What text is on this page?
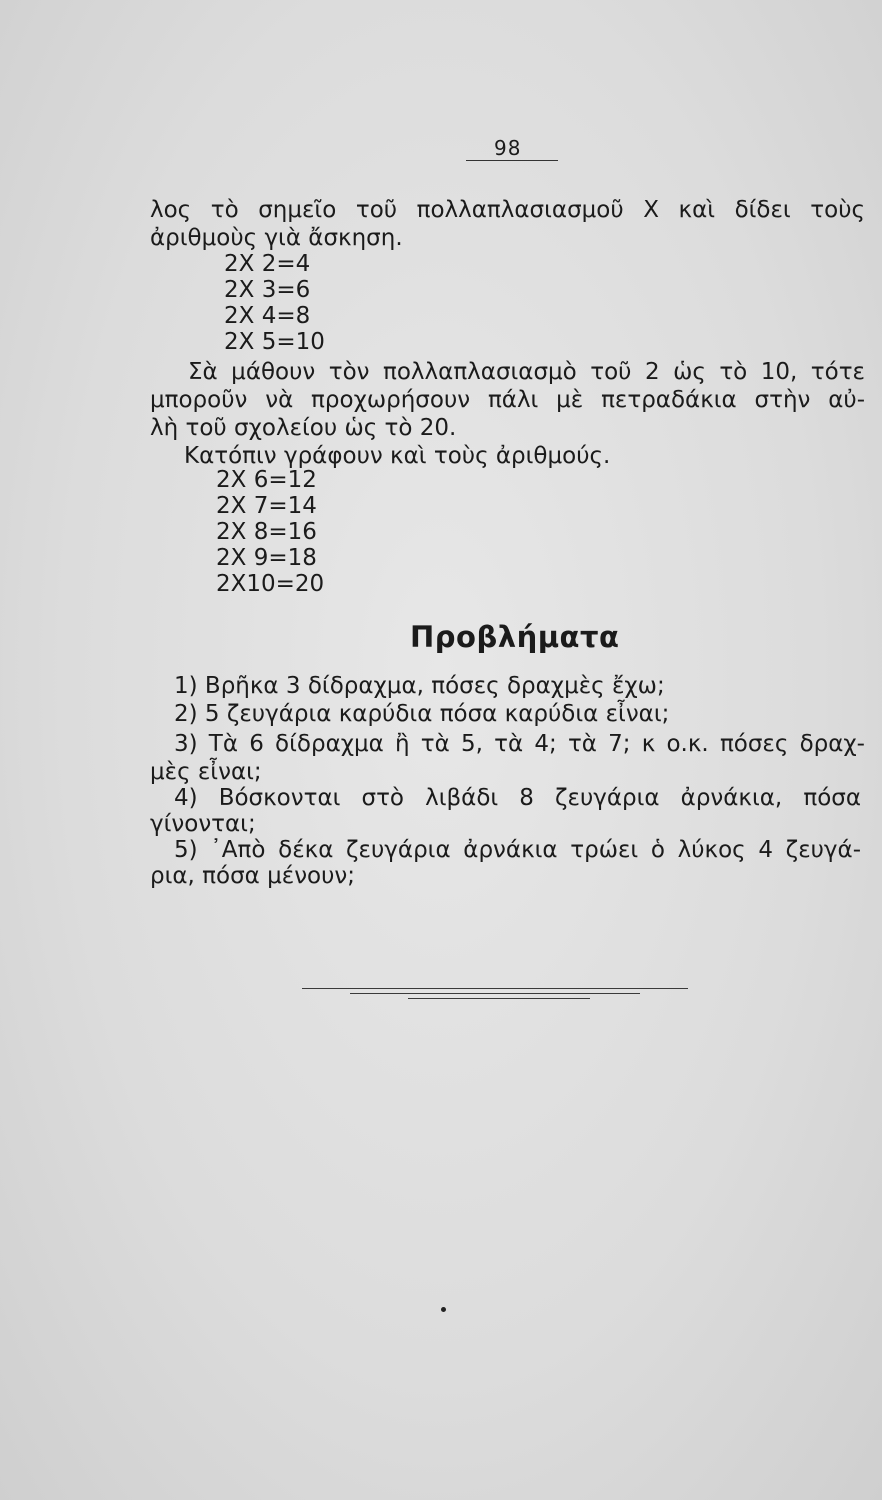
98
λος τὸ σημεῖο τοῦ πολλαπλασιασμοῦ X καὶ δίδει τοὺς
ἀριθμοὺς γιὰ ἄσκηση.
2X 2=4
2X 3=6
2X 4=8
2X 5=10
Σὰ μάθουν τὸν πολλαπλασιασμὸ τοῦ 2 ὡς τὸ 10, τότε
μποροῦν νὰ προχωρήσουν πάλι μὲ πετραδάκια στὴν αὐ-
λὴ τοῦ σχολείου ὡς τὸ 20.
Κατόπιν γράφουν καὶ τοὺς ἀριθμούς.
2X 6=12
2X 7=14
2X 8=16
2X 9=18
2X10=20
Προβλήματα
1) Βρῆκα 3 δίδραχμα, πόσες δραχμὲς ἔχω;
2) 5 ζευγάρια καρύδια πόσα καρύδια εἶναι;
3) Τὰ 6 δίδραχμα ἢ τὰ 5, τὰ 4; τὰ 7; κ ο.κ. πόσες δραχ-
μὲς εἶναι;
4) Βόσκονται στὸ λιβάδι 8 ζευγάρια ἀρνάκια, πόσα
γίνονται;
5) ᾿Απὸ δέκα ζευγάρια ἀρνάκια τρώει ὁ λύκος 4 ζευγά-
ρια, πόσα μένουν;
